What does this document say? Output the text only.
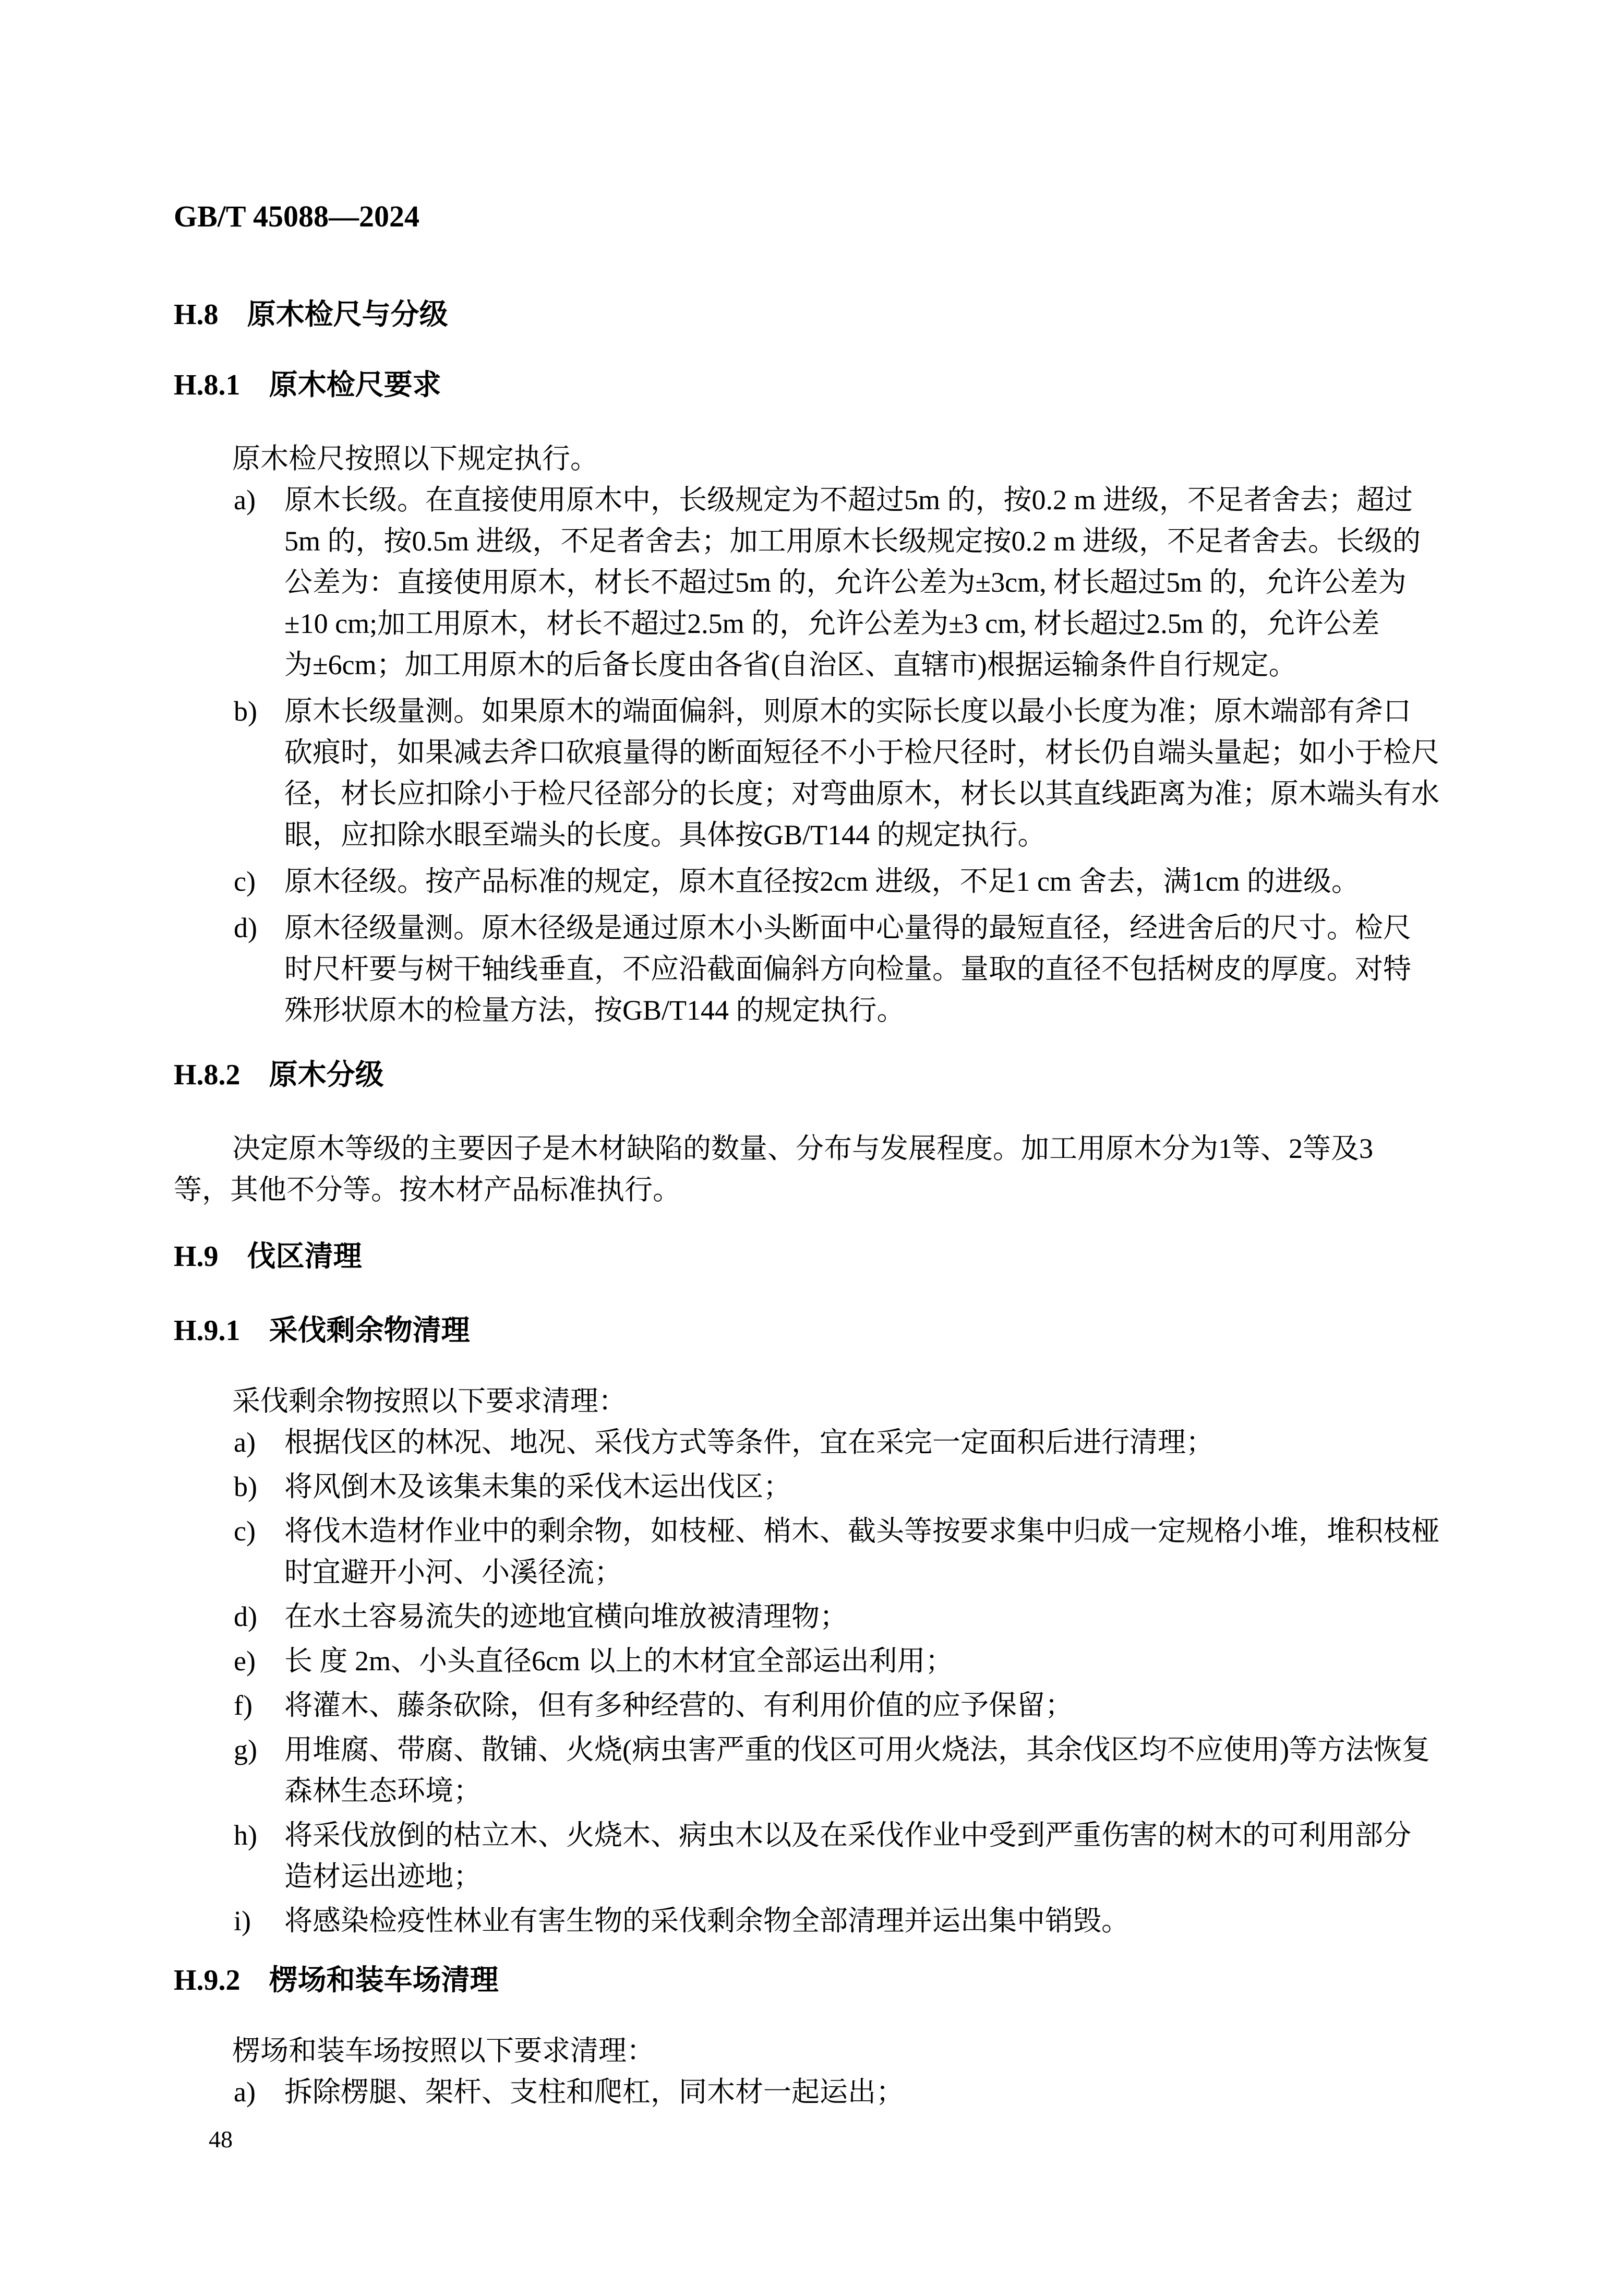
GB/T 45088—2024
H.8 原木检尺与分级
H.8.1 原木检尺要求
原木检尺按照以下规定执行。
a) 原木长级。在直接使用原木中，长级规定为不超过5m 的，按0.2 m 进级，不足者舍去；超过
5m 的，按0.5m 进级，不足者舍去；加工用原木长级规定按0.2 m 进级，不足者舍去。长级的
公差为：直接使用原木，材长不超过5m 的，允许公差为±3cm, 材长超过5m 的，允许公差为
±10 cm;加工用原木，材长不超过2.5m 的，允许公差为±3 cm, 材长超过2.5m 的，允许公差
为±6cm；加工用原木的后备长度由各省(自治区、直辖市)根据运输条件自行规定。
b) 原木长级量测。如果原木的端面偏斜，则原木的实际长度以最小长度为准；原木端部有斧口
砍痕时，如果减去斧口砍痕量得的断面短径不小于检尺径时，材长仍自端头量起；如小于检尺
径，材长应扣除小于检尺径部分的长度；对弯曲原木，材长以其直线距离为准；原木端头有水
眼，应扣除水眼至端头的长度。具体按GB/T144 的规定执行。
c) 原木径级。按产品标准的规定，原木直径按2cm 进级，不足1 cm 舍去，满1cm 的进级。
d) 原木径级量测。原木径级是通过原木小头断面中心量得的最短直径，经进舍后的尺寸。检尺
时尺杆要与树干轴线垂直，不应沿截面偏斜方向检量。量取的直径不包括树皮的厚度。对特
殊形状原木的检量方法，按GB/T144 的规定执行。
H.8.2 原木分级
决定原木等级的主要因子是木材缺陷的数量、分布与发展程度。加工用原木分为1等、2等及3
等，其他不分等。按木材产品标准执行。
H.9 伐区清理
H.9.1 采伐剩余物清理
采伐剩余物按照以下要求清理：
a) 根据伐区的林况、地况、采伐方式等条件，宜在采完一定面积后进行清理；
b) 将风倒木及该集未集的采伐木运出伐区；
c) 将伐木造材作业中的剩余物，如枝桠、梢木、截头等按要求集中归成一定规格小堆，堆积枝桠
时宜避开小河、小溪径流；
d) 在水土容易流失的迹地宜横向堆放被清理物；
e) 长 度 2m、小头直径6cm 以上的木材宜全部运出利用；
f) 将灌木、藤条砍除，但有多种经营的、有利用价值的应予保留；
g) 用堆腐、带腐、散铺、火烧(病虫害严重的伐区可用火烧法，其余伐区均不应使用)等方法恢复
森林生态环境；
h) 将采伐放倒的枯立木、火烧木、病虫木以及在采伐作业中受到严重伤害的树木的可利用部分
造材运出迹地；
i) 将感染检疫性林业有害生物的采伐剩余物全部清理并运出集中销毁。
H.9.2 楞场和装车场清理
楞场和装车场按照以下要求清理：
a) 拆除楞腿、架杆、支柱和爬杠，同木材一起运出；
48
